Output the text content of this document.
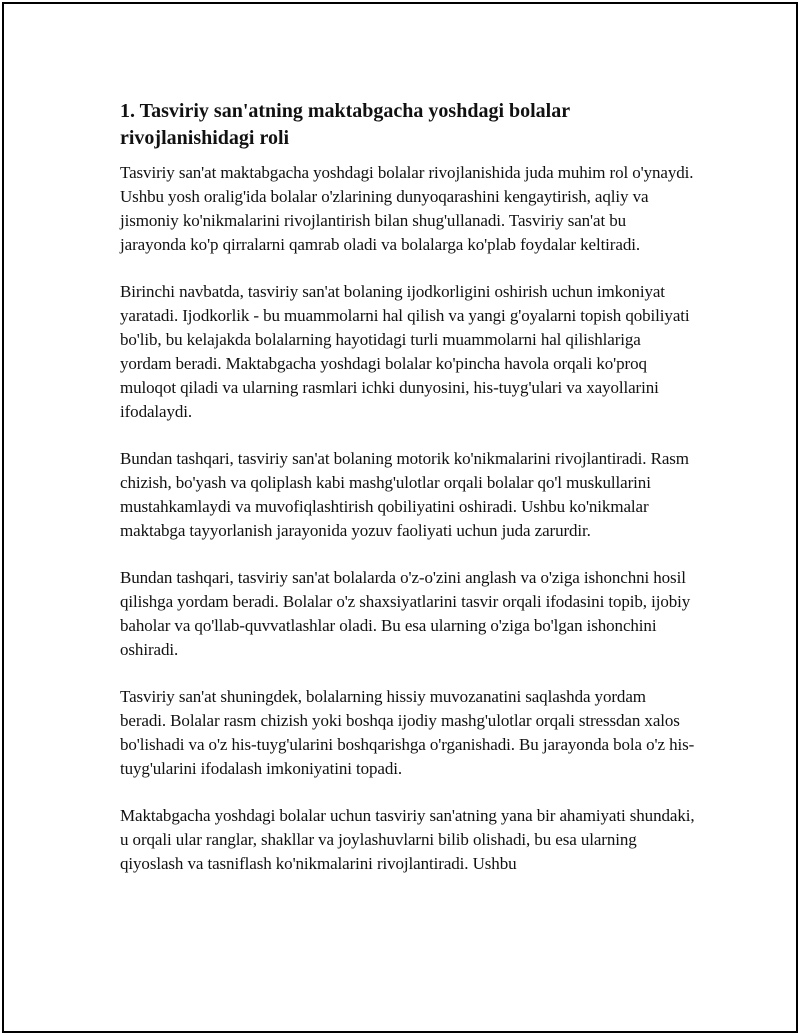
1. Tasviriy san'atning maktabgacha yoshdagi bolalar rivojlanishidagi roli

Tasviriy san'at maktabgacha yoshdagi bolalar rivojlanishida juda muhim rol o'ynaydi. Ushbu yosh oralig'ida bolalar o'zlarining dunyoqarashini kengaytirish, aqliy va jismoniy ko'nikmalarini rivojlantirish bilan shug'ullanadi. Tasviriy san'at bu jarayonda ko'p qirralarni qamrab oladi va bolalarga ko'plab foydalar keltiradi.

Birinchi navbatda, tasviriy san'at bolaning ijodkorligini oshirish uchun imkoniyat yaratadi. Ijodkorlik - bu muammolarni hal qilish va yangi g'oyalarni topish qobiliyati bo'lib, bu kelajakda bolalarning hayotidagi turli muammolarni hal qilishlariga yordam beradi. Maktabgacha yoshdagi bolalar ko'pincha havola orqali ko'proq muloqot qiladi va ularning rasmlari ichki dunyosini, his-tuyg'ulari va xayollarini ifodalaydi.

Bundan tashqari, tasviriy san'at bolaning motorik ko'nikmalarini rivojlantiradi. Rasm chizish, bo'yash va qoliplash kabi mashg'ulotlar orqali bolalar qo'l muskullarini mustahkamlaydi va muvofiqlashtirish qobiliyatini oshiradi. Ushbu ko'nikmalar maktabga tayyorlanish jarayonida yozuv faoliyati uchun juda zarurdir.

Bundan tashqari, tasviriy san'at bolalarda o'z-o'zini anglash va o'ziga ishonchni hosil qilishga yordam beradi. Bolalar o'z shaxsiyatlarini tasvir orqali ifodasini topib, ijobiy baholar va qo'llab-quvvatlashlar oladi. Bu esa ularning o'ziga bo'lgan ishonchini oshiradi.

Tasviriy san'at shuningdek, bolalarning hissiy muvozanatini saqlashda yordam beradi. Bolalar rasm chizish yoki boshqa ijodiy mashg'ulotlar orqali stressdan xalos bo'lishadi va o'z his-tuyg'ularini boshqarishga o'rganishadi. Bu jarayonda bola o'z his-tuyg'ularini ifodalash imkoniyatini topadi.

Maktabgacha yoshdagi bolalar uchun tasviriy san'atning yana bir ahamiyati shundaki, u orqali ular ranglar, shakllar va joylashuvlarni bilib olishadi, bu esa ularning qiyoslash va tasniflash ko'nikmalarini rivojlantiradi. Ushbu
